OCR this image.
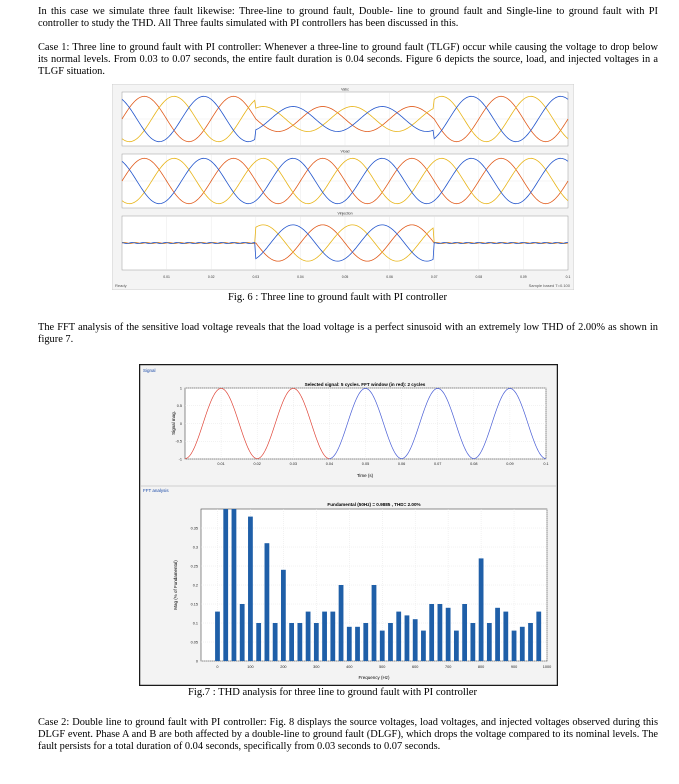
In this case we simulate three fault likewise: Three-line to ground fault, Double- line to ground fault and Single-line to ground fault with PI controller to study the THD. All Three faults simulated with PI controllers has been discussed in this.

Case 1: Three line to ground fault with PI controller: Whenever a three-line to ground fault (TLGF) occur while causing the voltage to drop below its normal levels. From 0.03 to 0.07 seconds, the entire fault duration is 0.04 seconds. Figure 6 depicts the source, load, and injected voltages in a TLGF situation.

Vabc
Vload
Vinjection
0.01	0.02	0.03	0.04	0.05	0.06	0.07	0.08	0.09	0.1
Ready	Sample based T=0.100
Fig. 6 : Three line to ground fault with PI controller

The FFT analysis of the sensitive load voltage reveals that the load voltage is a perfect sinusoid with an extremely low THD of 2.00% as shown in figure 7.

Signal
FFT analysis
Selected signal: 5 cycles. FFT window (in red): 2 cycles
0.01	0.02	0.03	0.04	0.05	0.06	0.07	0.08	0.09	0.1
-1
-0.5
0
0.5
1
Time (s)
Signal mag.
Fundamental (50Hz) = 0.9885 , THD= 2.00%
0	100	200	300	400	500	600	700	800	900	1000
0
0.05
0.1
0.15
0.2
0.25
0.3
0.35
Frequency (Hz)
Mag (% of Fundamental)
Fig.7 : THD analysis for three line to ground fault with PI controller

Case 2: Double line to ground fault with PI controller: Fig. 8 displays the source voltages, load voltages, and injected voltages observed during this DLGF event. Phase A and B are both affected by a double-line to ground fault (DLGF), which drops the voltage compared to its nominal levels. The fault persists for a total duration of 0.04 seconds, specifically from 0.03 seconds to 0.07 seconds.
